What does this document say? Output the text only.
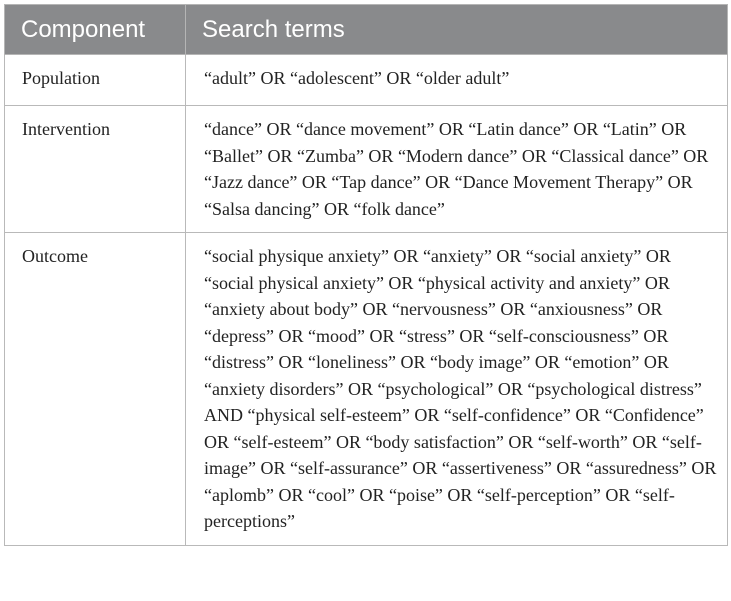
Component	Search terms
Population	“adult” OR “adolescent” OR “older adult”
Intervention	“dance” OR “dance movement” OR “Latin dance” OR “Latin” OR “Ballet” OR “Zumba” OR “Modern dance” OR “Classical dance” OR “Jazz dance” OR “Tap dance” OR “Dance Movement Therapy” OR “Salsa dancing” OR “folk dance”
Outcome	“social physique anxiety” OR “anxiety” OR “social anxiety” OR “social physical anxiety” OR “physical activity and anxiety” OR “anxiety about body” OR “nervousness” OR “anxiousness” OR “depress” OR “mood” OR “stress” OR “self-consciousness” OR “distress” OR “loneliness” OR “body image” OR “emotion” OR “anxiety disorders” OR “psychological” OR “psychological distress” AND “physical self-esteem” OR “self-confidence” OR “Confidence” OR “self-esteem” OR “body satisfaction” OR “self-worth” OR “self-image” OR “self-assurance” OR “assertiveness” OR “assuredness” OR “aplomb” OR “cool” OR “poise” OR “self-perception” OR “self-perceptions”
